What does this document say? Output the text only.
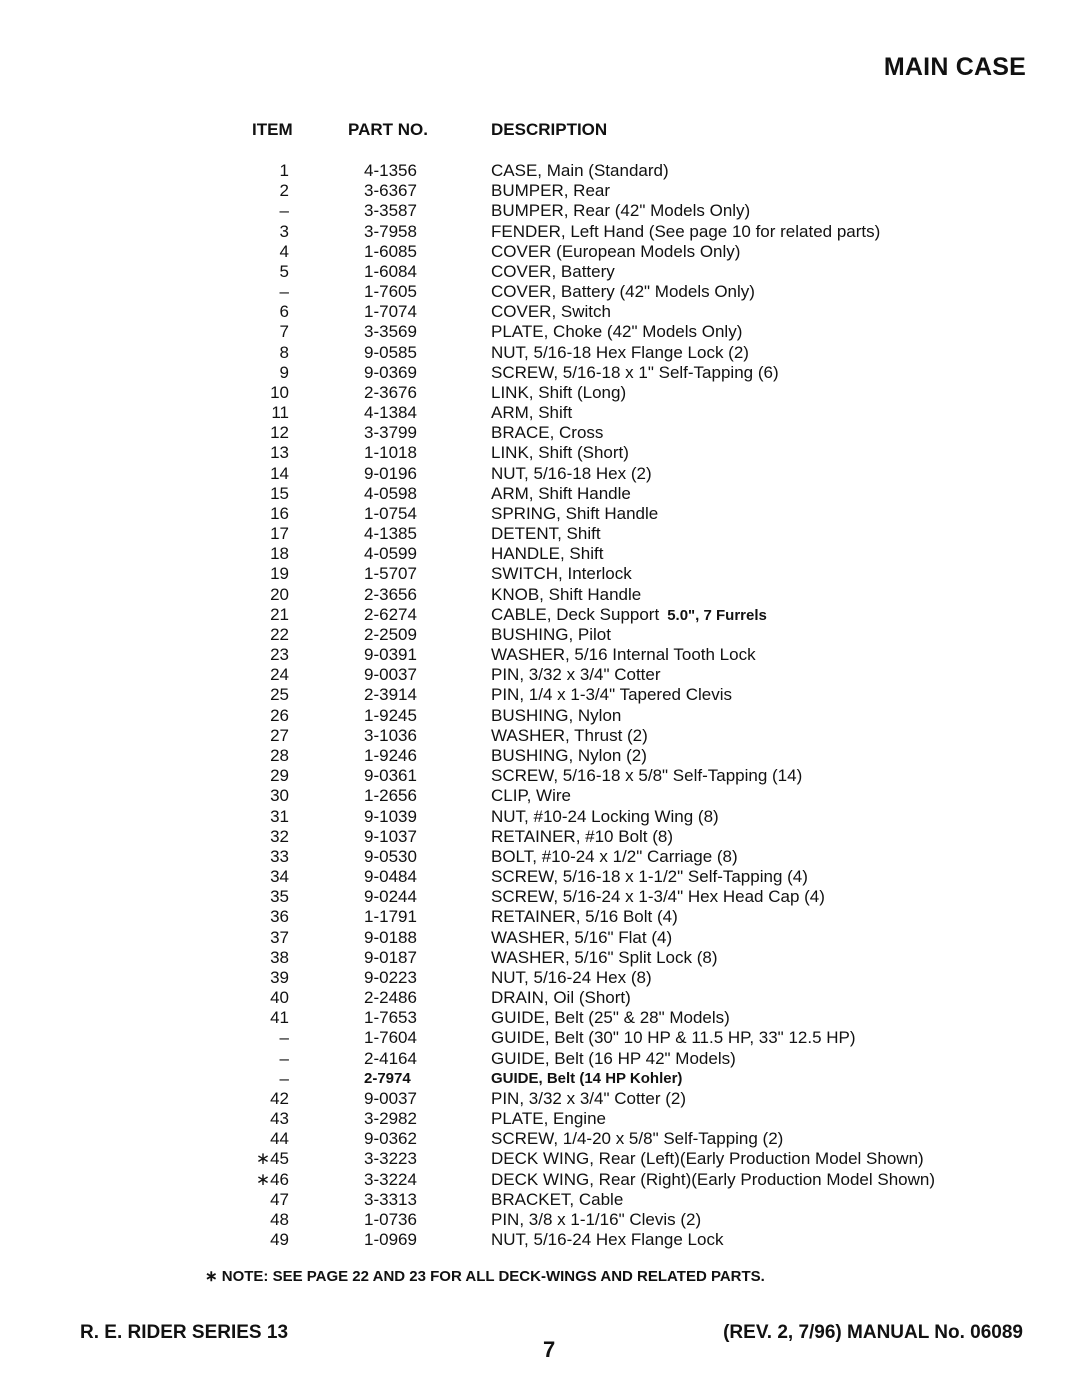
MAIN CASE
ITEM	PART NO.	DESCRIPTION
1	4-1356	CASE, Main (Standard)
2	3-6367	BUMPER, Rear
–	3-3587	BUMPER, Rear (42" Models Only)
3	3-7958	FENDER, Left Hand (See page 10 for related parts)
4	1-6085	COVER (European Models Only)
5	1-6084	COVER, Battery
–	1-7605	COVER, Battery (42" Models Only)
6	1-7074	COVER, Switch
7	3-3569	PLATE, Choke (42" Models Only)
8	9-0585	NUT, 5/16-18 Hex Flange Lock (2)
9	9-0369	SCREW, 5/16-18 x 1" Self-Tapping (6)
10	2-3676	LINK, Shift (Long)
11	4-1384	ARM, Shift
12	3-3799	BRACE, Cross
13	1-1018	LINK, Shift (Short)
14	9-0196	NUT, 5/16-18 Hex (2)
15	4-0598	ARM, Shift Handle
16	1-0754	SPRING, Shift Handle
17	4-1385	DETENT, Shift
18	4-0599	HANDLE, Shift
19	1-5707	SWITCH, Interlock
20	2-3656	KNOB, Shift Handle
21	2-6274	CABLE, Deck Support 5.0", 7 Furrels
22	2-2509	BUSHING, Pilot
23	9-0391	WASHER, 5/16 Internal Tooth Lock
24	9-0037	PIN, 3/32 x 3/4" Cotter
25	2-3914	PIN, 1/4 x 1-3/4" Tapered Clevis
26	1-9245	BUSHING, Nylon
27	3-1036	WASHER, Thrust (2)
28	1-9246	BUSHING, Nylon (2)
29	9-0361	SCREW, 5/16-18 x 5/8" Self-Tapping (14)
30	1-2656	CLIP, Wire
31	9-1039	NUT, #10-24 Locking Wing (8)
32	9-1037	RETAINER, #10 Bolt (8)
33	9-0530	BOLT, #10-24 x 1/2" Carriage (8)
34	9-0484	SCREW, 5/16-18 x 1-1/2" Self-Tapping (4)
35	9-0244	SCREW, 5/16-24 x 1-3/4" Hex Head Cap (4)
36	1-1791	RETAINER, 5/16 Bolt (4)
37	9-0188	WASHER, 5/16" Flat (4)
38	9-0187	WASHER, 5/16" Split Lock (8)
39	9-0223	NUT, 5/16-24 Hex (8)
40	2-2486	DRAIN, Oil (Short)
41	1-7653	GUIDE, Belt (25" & 28" Models)
–	1-7604	GUIDE, Belt (30" 10 HP & 11.5 HP, 33" 12.5 HP)
–	2-4164	GUIDE, Belt (16 HP 42" Models)
–	2-7974	GUIDE, Belt (14 HP Kohler)
42	9-0037	PIN, 3/32 x 3/4" Cotter (2)
43	3-2982	PLATE, Engine
44	9-0362	SCREW, 1/4-20 x 5/8" Self-Tapping (2)
∗45	3-3223	DECK WING, Rear (Left)(Early Production Model Shown)
∗46	3-3224	DECK WING, Rear (Right)(Early Production Model Shown)
47	3-3313	BRACKET, Cable
48	1-0736	PIN, 3/8 x 1-1/16" Clevis (2)
49	1-0969	NUT, 5/16-24 Hex Flange Lock
∗ NOTE: SEE PAGE 22 AND 23 FOR ALL DECK-WINGS AND RELATED PARTS.
R. E. RIDER SERIES 13	(REV. 2, 7/96) MANUAL No. 06089
7
